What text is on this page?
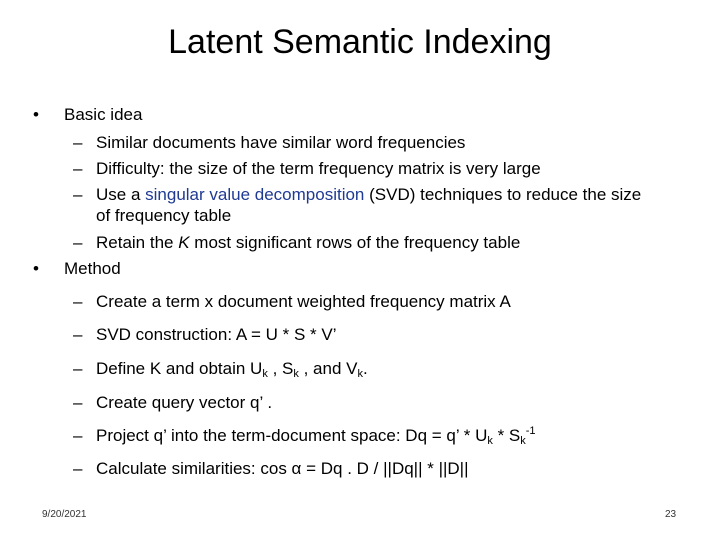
Latent Semantic Indexing
• Basic idea
– Similar documents have similar word frequencies
– Difficulty: the size of the term frequency matrix is very large
– Use a singular value decomposition (SVD) techniques to reduce the size
of frequency table
– Retain the K most significant rows of the frequency table
• Method
– Create a term x document weighted frequency matrix A
– SVD construction: A = U * S * V’
– Define K and obtain $U_k$ , $S_k$ , and $V_k$.
– Create query vector q’ .
– Project q’ into the term-document space: Dq = q’ * $U_k * S_k^{-1}$
– Calculate similarities: cos α = Dq . D / ||Dq|| * ||D||
9/20/2021	23
